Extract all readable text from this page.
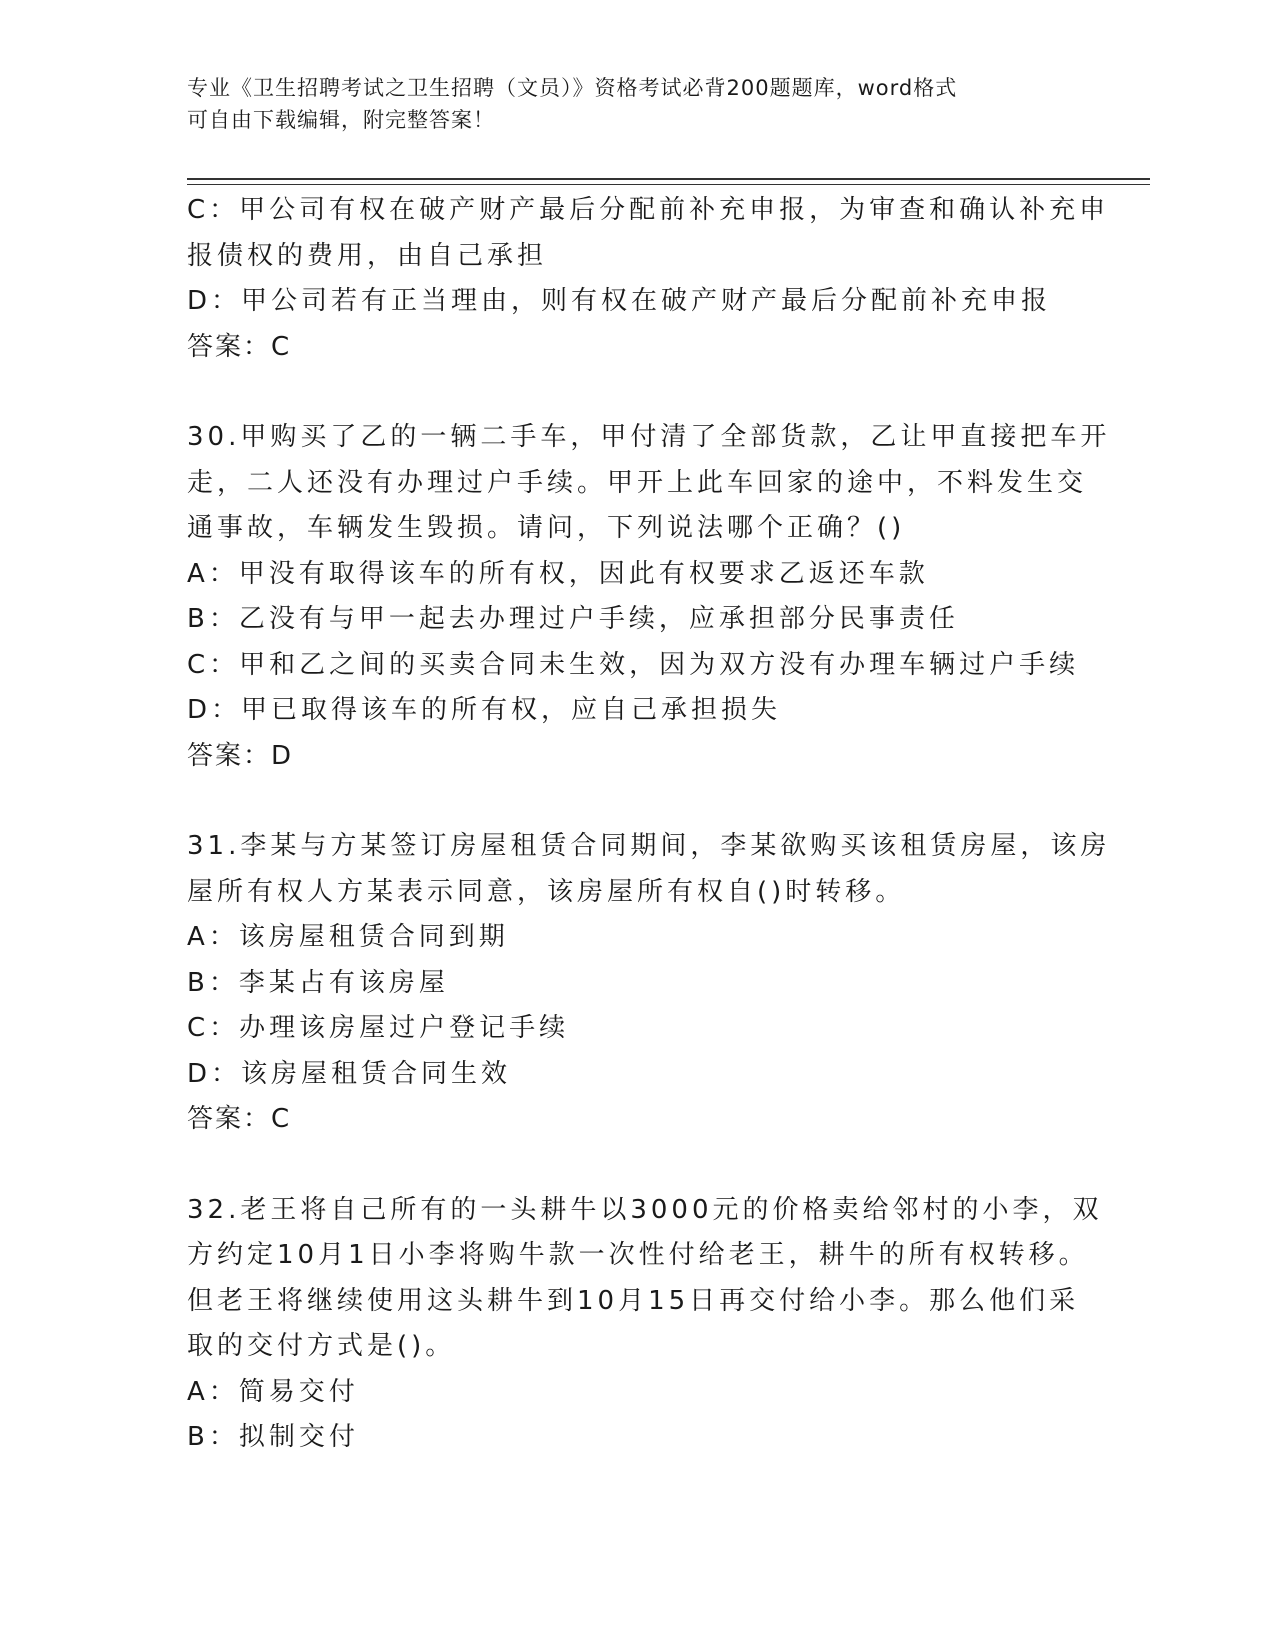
专业《卫生招聘考试之卫生招聘（文员）》资格考试必背200题题库，word格式
可自由下载编辑，附完整答案！
C：甲公司有权在破产财产最后分配前补充申报，为审查和确认补充申
报债权的费用，由自己承担
D：甲公司若有正当理由，则有权在破产财产最后分配前补充申报
答案：C
30.甲购买了乙的一辆二手车，甲付清了全部货款，乙让甲直接把车开
走，二人还没有办理过户手续。甲开上此车回家的途中，不料发生交
通事故，车辆发生毁损。请问，下列说法哪个正确？()
A：甲没有取得该车的所有权，因此有权要求乙返还车款
B：乙没有与甲一起去办理过户手续，应承担部分民事责任
C：甲和乙之间的买卖合同未生效，因为双方没有办理车辆过户手续
D：甲已取得该车的所有权，应自己承担损失
答案：D
31.李某与方某签订房屋租赁合同期间，李某欲购买该租赁房屋，该房
屋所有权人方某表示同意，该房屋所有权自()时转移。
A：该房屋租赁合同到期
B：李某占有该房屋
C：办理该房屋过户登记手续
D：该房屋租赁合同生效
答案：C
32.老王将自己所有的一头耕牛以3000元的价格卖给邻村的小李，双
方约定10月1日小李将购牛款一次性付给老王，耕牛的所有权转移。
但老王将继续使用这头耕牛到10月15日再交付给小李。那么他们采
取的交付方式是()。
A：简易交付
B：拟制交付
